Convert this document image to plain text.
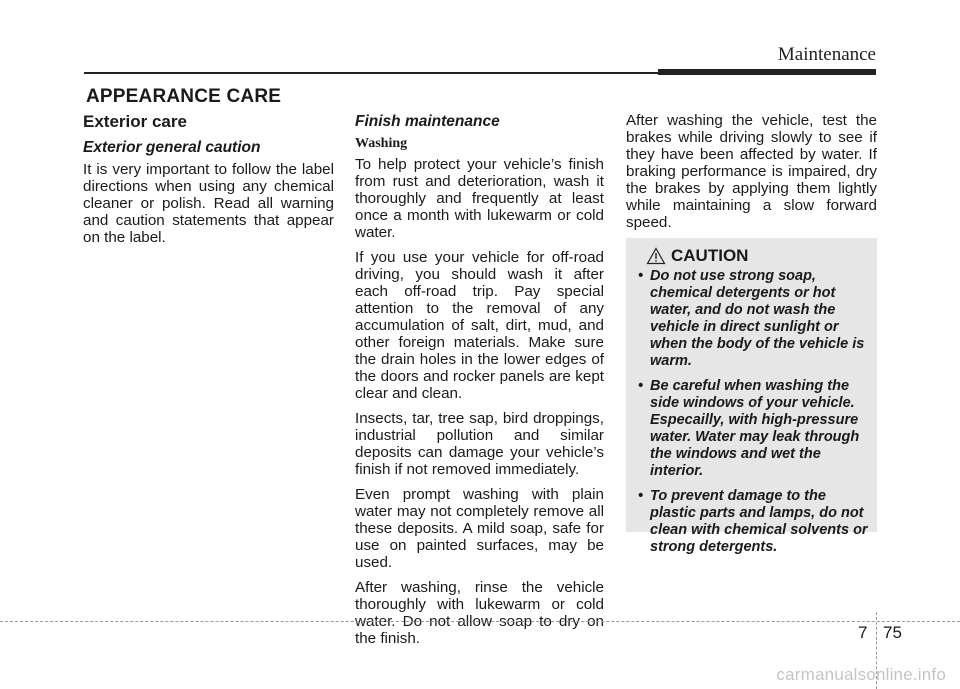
Maintenance
APPEARANCE CARE
Exterior care
Exterior general caution

It is very important to follow the label directions when using any chemical cleaner or polish. Read all warning and caution statements that appear on the label.

Finish maintenance
Washing

To help protect your vehicle’s finish from rust and deterioration, wash it thoroughly and frequently at least once a month with lukewarm or cold water.

If you use your vehicle for off-road driving, you should wash it after each off-road trip. Pay special attention to the removal of any accumulation of salt, dirt, mud, and other foreign materials. Make sure the drain holes in the lower edges of the doors and rocker panels are kept clear and clean.

Insects, tar, tree sap, bird droppings, industrial pollution and similar deposits can damage your vehicle’s finish if not removed immediately.

Even prompt washing with plain water may not completely remove all these deposits. A mild soap, safe for use on painted surfaces, may be used.

After washing, rinse the vehicle thoroughly with lukewarm or cold water. Do not allow soap to dry on the finish.

After washing the vehicle, test the brakes while driving slowly to see if they have been affected by water. If braking performance is impaired, dry the brakes by applying them lightly while maintaining a slow forward speed.

CAUTION
• Do not use strong soap, chemical detergents or hot water, and do not wash the vehicle in direct sunlight or when the body of the vehicle is warm.
• Be careful when washing the side windows of your vehicle. Especailly, with high-pressure water. Water may leak through the windows and wet the interior.
• To prevent damage to the plastic parts and lamps, do not clean with chemical solvents or strong detergents.
7 75
carmanualsonline.info
